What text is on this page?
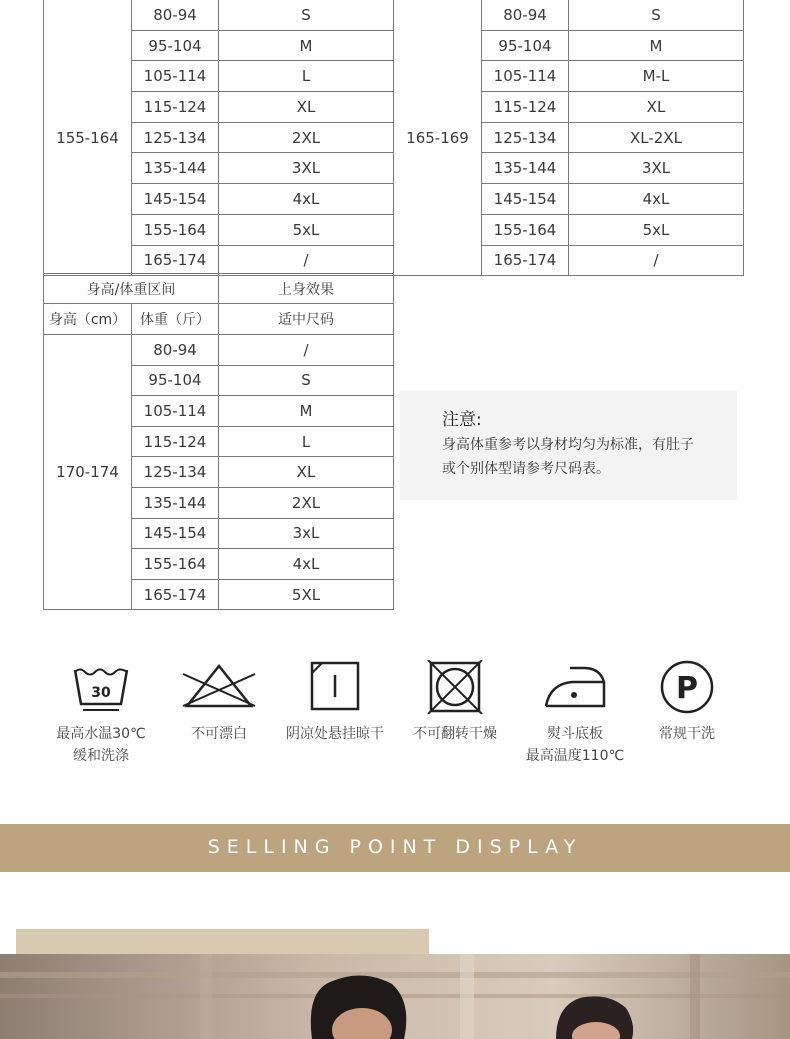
155-164	80-94	S
	95-104	M
	105-114	L
	115-124	XL
	125-134	2XL
	135-144	3XL
	145-154	4xL
	155-164	5xL
	165-174	/
165-169	80-94	S
	95-104	M
	105-114	M-L
	115-124	XL
	125-134	XL-2XL
	135-144	3XL
	145-154	4xL
	155-164	5xL
	165-174	/
身高/体重区间		上身效果
身高（cm）	体重（斤）	适中尺码
170-174	80-94	/
	95-104	S
	105-114	M
	115-124	L
	125-134	XL
	135-144	2XL
	145-154	3xL
	155-164	4xL
	165-174	5XL
注意:
身高体重参考以身材均匀为标准，有肚子
或个别体型请参考尺码表。
30
最高水温30℃
缓和洗涤
不可漂白	阴凉处悬挂晾干	不可翻转干燥	熨斗底板
最高温度110℃
P
常规干洗
SELLING POINT DISPLAY
